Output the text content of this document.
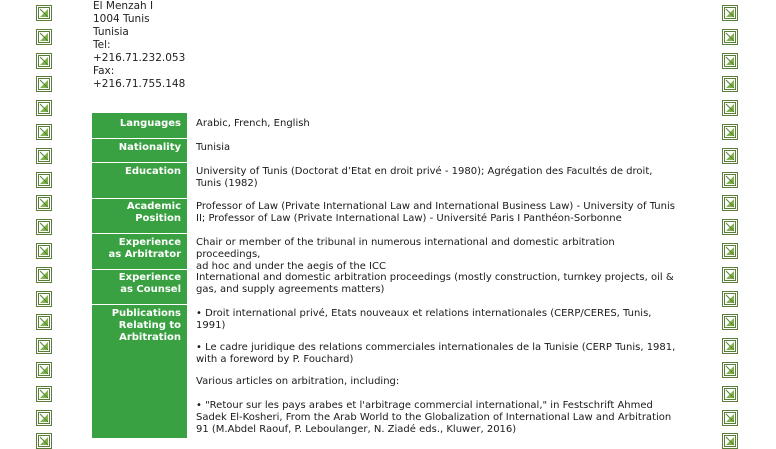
El Menzah I
1004 Tunis
Tunisia
Tel:
+216.71.232.053
Fax:
+216.71.755.148
Languages
Nationality
Education
Academic
Position
Experience
as Arbitrator
Experience
as Counsel
Publications
Relating to
Arbitration
Arabic, French, English
Tunisia
University of Tunis (Doctorat d’Etat en droit privé - 1980); Agrégation des Facultés de droit,
Tunis (1982)
Professor of Law (Private International Law and International Business Law) - University of Tunis
II; Professor of Law (Private International Law) - Université Paris I Panthéon-Sorbonne
Chair or member of the tribunal in numerous international and domestic arbitration proceedings,
ad hoc and under the aegis of the ICC
International and domestic arbitration proceedings (mostly construction, turnkey projects, oil &
gas, and supply agreements matters)
• Droit international privé, Etats nouveaux et relations internationales (CERP/CERES, Tunis,
1991)
• Le cadre juridique des relations commerciales internationales de la Tunisie (CERP Tunis, 1981,
with a foreword by P. Fouchard)
Various articles on arbitration, including:
• "Retour sur les pays arabes et l'arbitrage commercial international," in Festschrift Ahmed
Sadek El-Kosheri, From the Arab World to the Globalization of International Law and Arbitration
91 (M.Abdel Raouf, P. Leboulanger, N. Ziadé eds., Kluwer, 2016)
